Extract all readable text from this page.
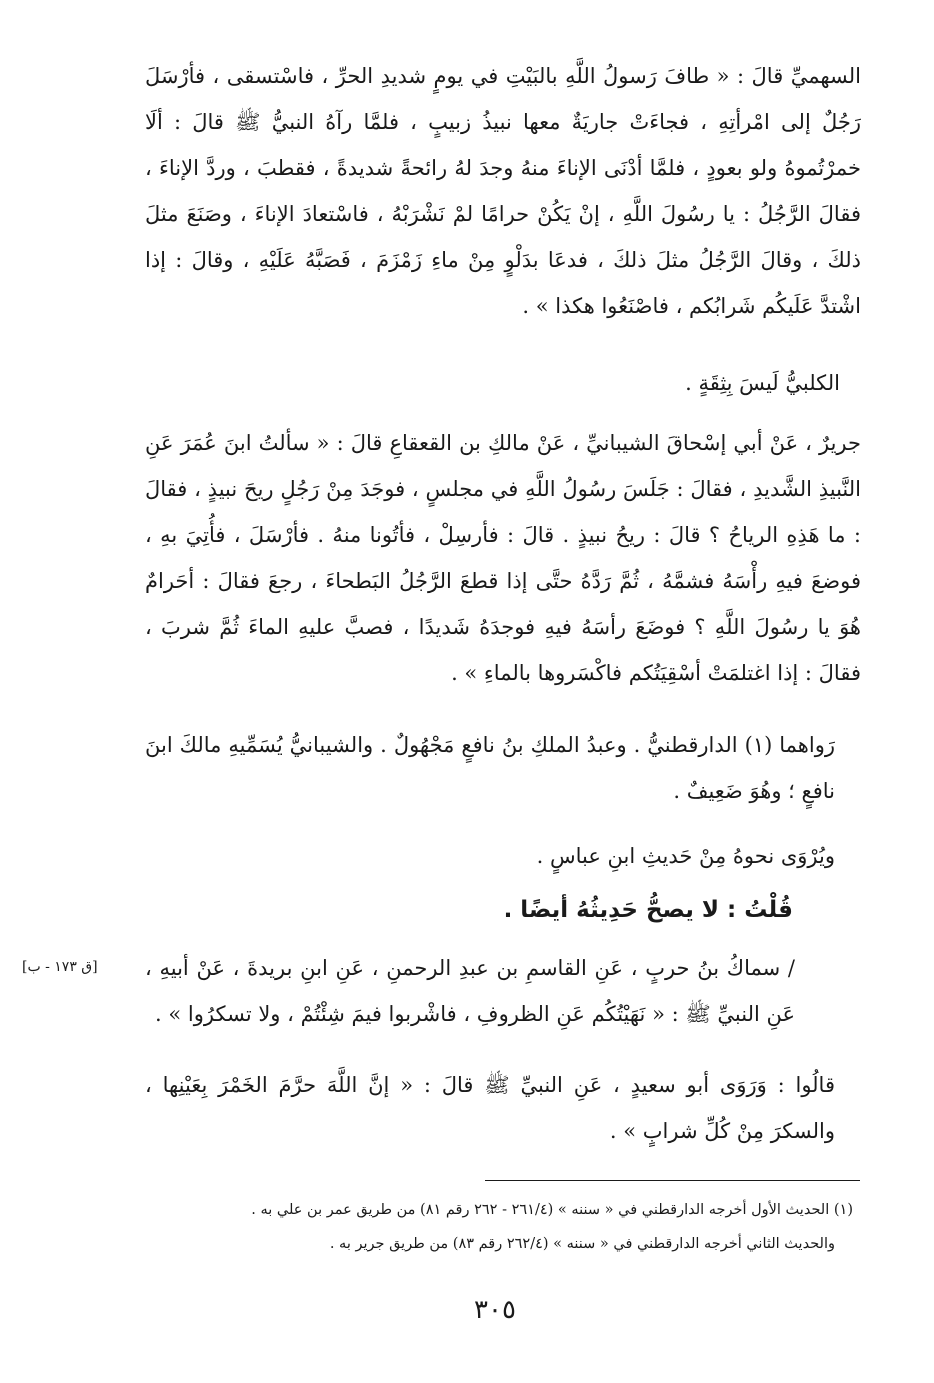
السهميِّ قالَ : « طافَ رَسولُ اللَّهِ بالبَيْتِ في يومٍ شديدِ الحرِّ ، فاسْتسقى ، فأرْسَلَ رَجُلٌ إلى امْرأتِهِ ، فجاءَتْ جاريَةٌ معها نبيذُ زبيبٍ ، فلمَّا رآهُ النبيُّ ﷺ قالَ : ألَا خمرْتُموهُ ولو بعودٍ ، فلمَّا أدْنَى الإناءَ منهُ وجدَ لهُ رائحةً شديدةً ، فقطبَ ، وردَّ الإناءَ ، فقالَ الرَّجُلُ : يا رسُولَ اللَّهِ ، إنْ يَكُنْ حرامًا لمْ نَشْرَبْهُ ، فاسْتعادَ الإناءَ ، وصَنَعَ مثلَ ذلكَ ، وقالَ الرَّجُلُ مثلَ ذلكَ ، فدعَا بدَلْوٍ مِنْ ماءِ زَمْزَمَ ، فَصَبَّهُ عَلَيْهِ ، وقالَ : إذا اشْتدَّ عَلَيكُم شَرابُكم ، فاصْنَعُوا هكذا » .

الكلبيُّ لَيسَ بِثِقَةٍ .

جريرٌ ، عَنْ أبي إسْحاقَ الشيبانيِّ ، عَنْ مالكِ بن القعقاعِ قالَ : « سألتُ ابنَ عُمَرَ عَنِ النَّبيذِ الشَّديدِ ، فقالَ : جَلَسَ رسُولُ اللَّهِ في مجلسٍ ، فوجَدَ مِنْ رَجُلٍ ريحَ نبيذٍ ، فقالَ : ما هَذِهِ الرياحُ ؟ قالَ : ريحُ نبيذٍ . قالَ : فأرسِلْ ، فأتُونا منهُ . فأرْسَلَ ، فأُتِيَ بهِ ، فوضعَ فيهِ رأْسَهُ فشمَّهُ ، ثُمَّ رَدَّهُ حتَّى إذا قطعَ الرَّجُلُ البَطحاءَ ، رجعَ فقالَ : أحَرامٌ هُوَ يا رسُولَ اللَّهِ ؟ فوضَعَ رأسَهُ فيهِ فوجدَهُ شَديدًا ، فصبَّ عليهِ الماءَ ثُمَّ شربَ ، فقالَ : إذا اغتلمَتْ أسْقِيَتُكم فاكْسَروها بالماءِ » .

رَواهما (١) الدارقطنيُّ . وعبدُ الملكِ بنُ نافعٍ مَجْهُولٌ . والشيبانيُّ يُسَمِّيهِ مالكَ ابنَ نافعٍ ؛ وهُوَ ضَعِيفٌ .

ويُرْوَى نحوهُ مِنْ حَديثِ ابنِ عباسٍ .

قُلْتُ : لا يصحُّ حَدِيثُهُ أيضًا .

[ق ١٧٣ - ب]	/ سماكُ بنُ حربٍ ، عَنِ القاسمِ بن عبدِ الرحمنِ ، عَنِ ابنِ بريدةَ ، عَنْ أبيهِ ، عَنِ النبيِّ ﷺ : « نَهَيْتُكُم عَنِ الظروفِ ، فاشْربوا فيمَ شِئْتُمْ ، ولا تسكرُوا » .

قالُوا : وَرَوَى أبو سعيدٍ ، عَنِ النبيِّ ﷺ قالَ : « إنَّ اللَّهَ حرَّمَ الخَمْرَ بِعَيْنِها ، والسكرَ مِنْ كُلِّ شرابٍ » .

(١) الحديث الأول أخرجه الدارقطني في « سننه » (٢٦١/٤ - ٢٦٢ رقم ٨١) من طريق عمر بن علي به .

والحديث الثاني أخرجه الدارقطني في « سننه » (٢٦٢/٤ رقم ٨٣) من طريق جرير به .

٣٠٥
